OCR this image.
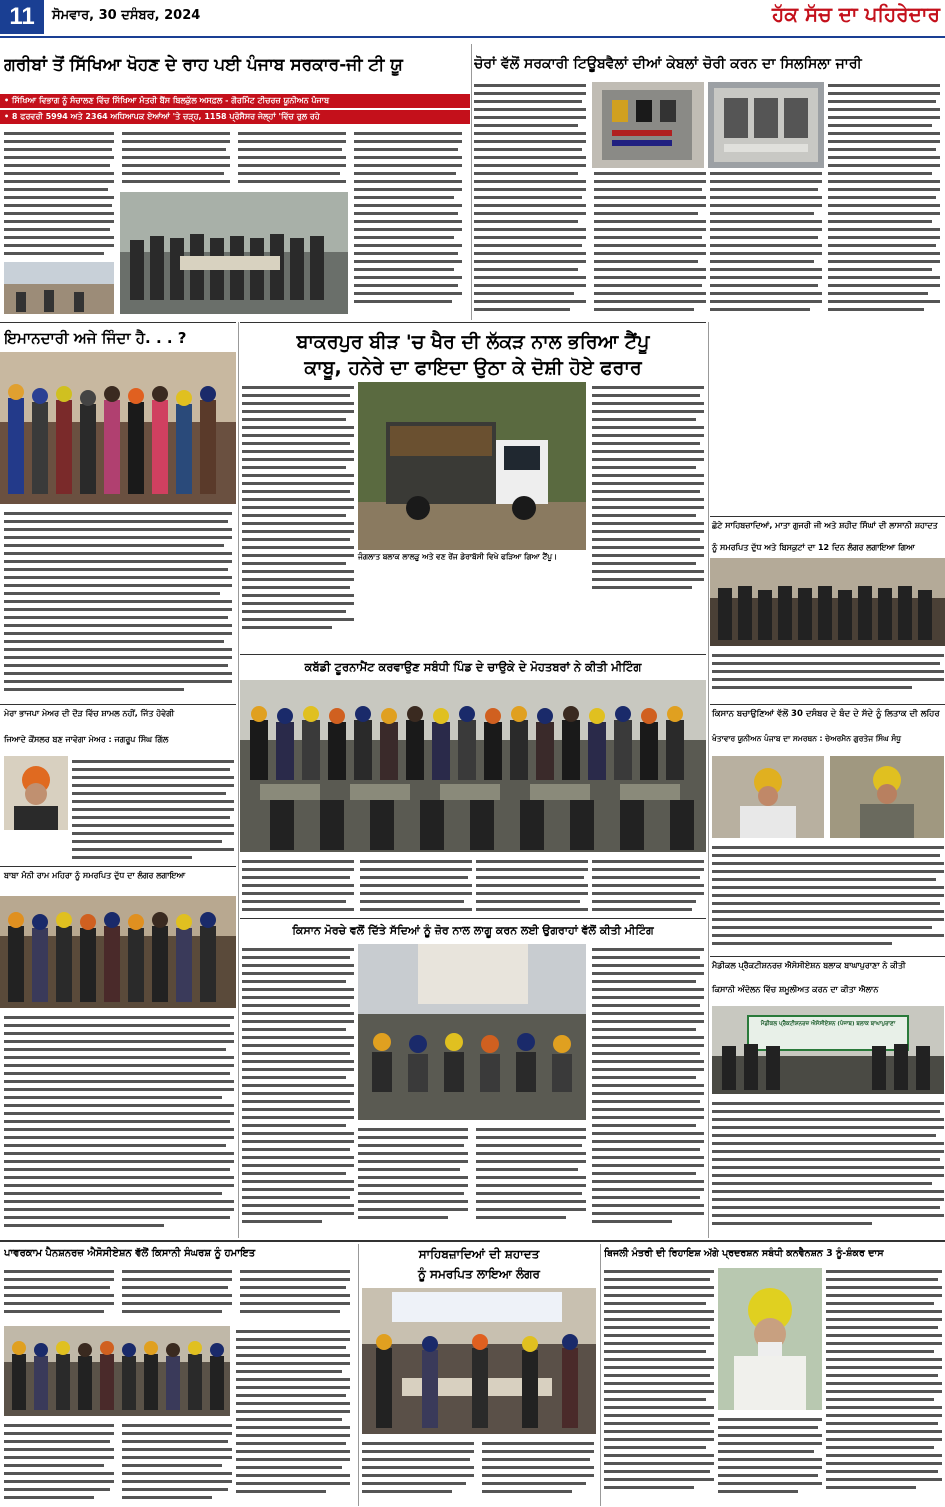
11	ਸੋਮਵਾਰ, 30 ਦਸੰਬਰ, 2024	ਹੱਕ ਸੱਚ ਦਾ ਪਹਿਰੇਦਾਰ
ਗਰੀਬਾਂ ਤੋਂ ਸਿੱਖਿਆ ਖੋਹਣ ਦੇ ਰਾਹ ਪਈ ਪੰਜਾਬ ਸਰਕਾਰ-ਜੀ ਟੀ ਯੂ
• ਸਿੱਖਿਆ ਵਿਭਾਗ ਨੂੰ ਸੰਚਾਲਣ ਵਿੱਚ ਸਿੱਖਿਆ ਮੰਤਰੀ ਬੈਂਸ ਬਿਲਕੁੱਲ ਅਸਫ਼ਲ - ਗੌਰਮਿੰਟ ਟੀਚਰਜ਼ ਯੂਨੀਅਨ ਪੰਜਾਬ
• 8 ਫਰਵਰੀ 5994 ਅਤੇ 2364 ਅਧਿਆਪਕ ਏਆਂਆਂ 'ਤੇ ਚੜ੍ਹ, 1158 ਪ੍ਰੋਸੈਸਰ ਜੇਲ੍ਹਾਂ 'ਵਿੱਚ ਰੁਲ ਰਹੇ
ਚੋਰਾਂ ਵੱਲੋਂ ਸਰਕਾਰੀ ਟਿਊਬਵੈਲਾਂ ਦੀਆਂ ਕੇਬਲਾਂ ਚੋਰੀ ਕਰਨ ਦਾ ਸਿਲਸਿਲਾ ਜਾਰੀ
ਇਮਾਨਦਾਰੀ ਅਜੇ ਜਿੰਦਾ ਹੈ. . . ?	ਬਾਕਰਪੁਰ ਬੀੜ 'ਚ ਖੈਰ ਦੀ ਲੱਕੜ ਨਾਲ ਭਰਿਆ ਟੈਂਪੂ
ਕਾਬੂ, ਹਨੇਰੇ ਦਾ ਫਾਇਦਾ ਉਠਾ ਕੇ ਦੋਸ਼ੀ ਹੋਏ ਫਰਾਰ
ਜੰਗਲਾਤ ਬਲਾਕ ਲਾਲੜੂ ਅਤੇ ਵਣ ਰੇਂਜ ਡੇਰਾਬੱਸੀ ਵਿਖੇ ਫੜਿਆ ਗਿਆ ਟੈਂਪੂ।
ਛੋਟੇ ਸਾਹਿਬਜ਼ਾਦਿਆਂ, ਮਾਤਾ ਗੁਜਰੀ ਜੀ ਅਤੇ ਸ਼ਹੀਦ ਸਿੰਘਾਂ ਦੀ ਲਾਸਾਨੀ ਸ਼ਹਾਦਤ
ਨੂੰ ਸਮਰਪਿਤ ਦੁੱਧ ਅਤੇ ਬਿਸਕੁਟਾਂ ਦਾ 12 ਦਿਨ ਲੰਗਰ ਲਗਾਇਆ ਗਿਆ
ਕਿਸਾਨ ਬਚਾਉਣਿਆਂ ਵੱਲੋਂ 30 ਦਸੰਬਰ ਦੇ ਬੰਦ ਦੇ ਸੱਦੇ ਨੂੰ ਲਿਤਾਕ ਦੀ ਲਹਿਰ
ਖੰਤਾਵਾਰ ਯੂਨੀਅਨ ਪੰਜਾਬ ਦਾ ਸਮਰਥਨ : ਚੇਅਰਮੈਨ ਗੁਰਤੇਜ ਸਿੰਘ ਸੰਧੂ
ਕਬੱਡੀ ਟੂਰਨਾਮੈਂਟ ਕਰਵਾਉਣ ਸਬੰਧੀ ਪਿੰਡ ਦੇ ਚਾਉਕੇ ਦੇ ਮੋਹਤਬਰਾਂ ਨੇ ਕੀਤੀ ਮੀਟਿੰਗ
ਮੇਰਾ ਭਾਜਪਾ ਮੇਅਰ ਦੀ ਦੌੜ ਵਿੱਚ ਸ਼ਾਮਲ ਨਹੀਂ, ਜਿੱਤ ਹੋਵੇਗੀ
ਜਿਆਦੇ ਕੌਂਸਲਰ ਬਣ ਜਾਵੇਗਾ ਮੇਅਰ : ਜਗਰੂਪ ਸਿੰਘ ਗਿੱਲ
ਬਾਬਾ ਮੰਨੀ ਰਾਮ ਮਹਿਰਾ ਨੂੰ ਸਮਰਪਿਤ ਦੁੱਧ ਦਾ ਲੰਗਰ ਲਗਾਇਆ
ਕਿਸਾਨ ਮੋਰਚੇ ਵਲੋਂ ਦਿੱਤੇ ਸੱਦਿਆਂ ਨੂੰ ਜ਼ੋਰ ਨਾਲ ਲਾਗੂ ਕਰਨ ਲਈ ਉਗਰਾਹਾਂ ਵੱਲੋਂ ਕੀਤੀ ਮੀਟਿੰਗ
ਮੈਡੀਕਲ ਪ੍ਰੈਕਟੀਸ਼ਨਰਜ਼ ਐਸੋਸੀਏਸ਼ਨ ਬਲਾਕ ਬਾਘਾਪੁਰਾਣਾ ਨੇ ਕੀਤੀ
ਕਿਸਾਨੀ ਅੰਦੋਲਨ ਵਿੱਚ ਸ਼ਮੂਲੀਅਤ ਕਰਨ ਦਾ ਕੀਤਾ ਐਲਾਨ
ਮੈਡੀਕਲ ਪ੍ਰੈਕਟੀਸ਼ਨਰਜ਼ ਐਸੋਸੀਏਸ਼ਨ (ਪੰਜਾਬ) ਬਲਾਕ ਬਾਘਾਪੁਰਾਣਾ
ਪਾਵਰਕਾਮ ਪੈਨਸ਼ਨਰਜ਼ ਐਸੋਸੀਏਸ਼ਨ ਵੱਲੋਂ ਕਿਸਾਨੀ ਸੰਘਰਸ਼ ਨੂੰ ਹਮਾਇਤ	ਸਾਹਿਬਜ਼ਾਦਿਆਂ ਦੀ ਸ਼ਹਾਦਤ
ਨੂੰ ਸਮਰਪਿਤ ਲਾਇਆ ਲੰਗਰ
ਬਿਜਲੀ ਮੰਤਰੀ ਦੀ ਰਿਹਾਇਸ਼ ਅੱਗੇ ਪ੍ਰਦਰਸ਼ਨ ਸਬੰਧੀ ਕਨਵੈਨਸ਼ਨ 3 ਨੂੰ-ਸ਼ੰਕਰ ਦਾਸ
